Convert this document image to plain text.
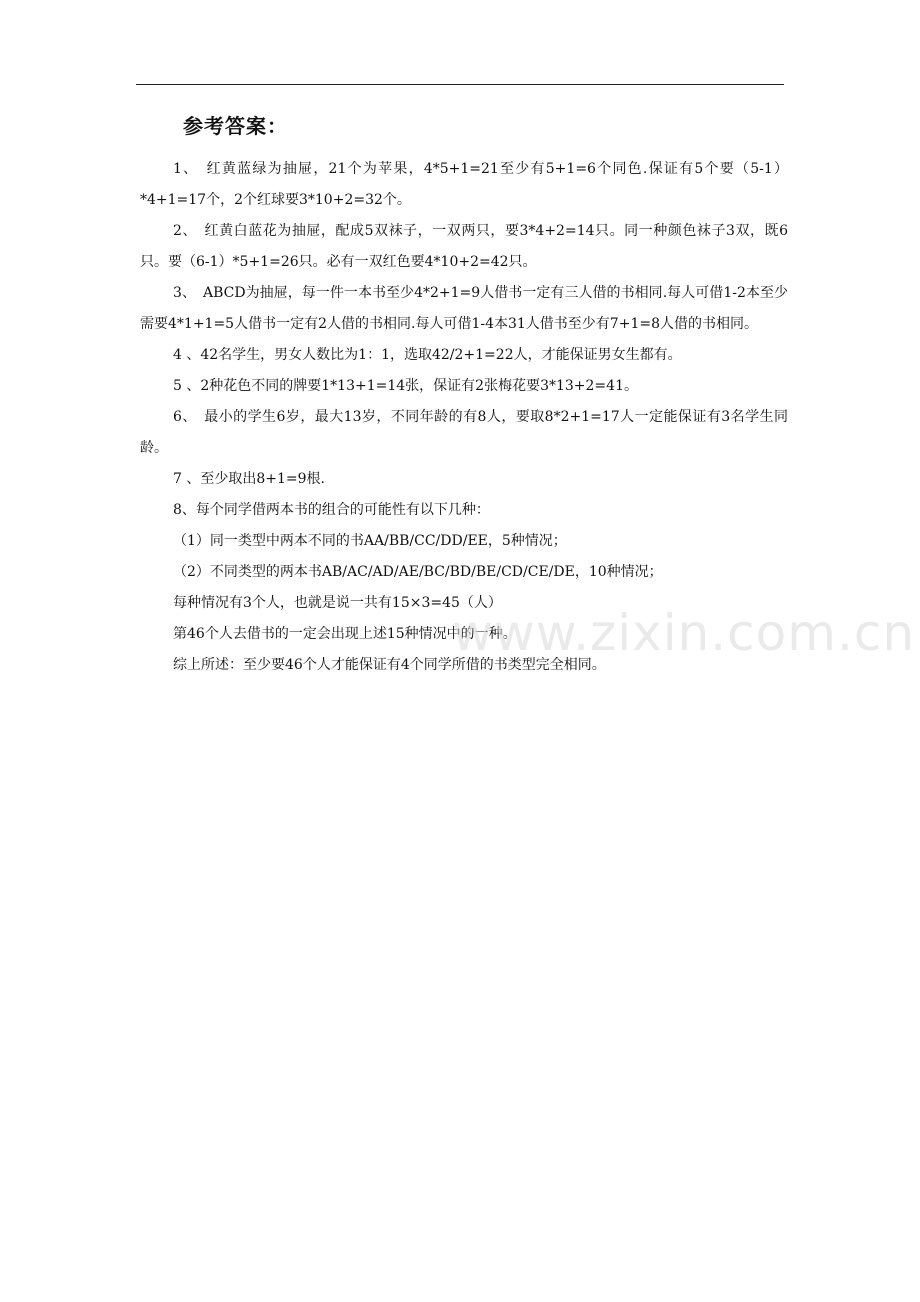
参考答案：

1、　红黄蓝绿为抽屉，21个为苹果，4*5+1=21至少有5+1=6个同色.保证有5个要（5-1）*4+1=17个，2个红球要3*10+2=32个。

2、　红黄白蓝花为抽屉，配成5双袜子，一双两只，要3*4+2=14只。同一种颜色袜子3双，既6只。要（6-1）*5+1=26只。必有一双红色要4*10+2=42只。

3、　ABCD为抽屉，每一件一本书至少4*2+1=9人借书一定有三人借的书相同.每人可借1-2本至少需要4*1+1=5人借书一定有2人借的书相同.每人可借1-4本31人借书至少有7+1=8人借的书相同。

4 、42名学生，男女人数比为1：1，选取42/2+1=22人，才能保证男女生都有。

5 、2种花色不同的牌要1*13+1=14张，保证有2张梅花要3*13+2=41。

6、　最小的学生6岁，最大13岁，不同年龄的有8人，要取8*2+1=17人一定能保证有3名学生同龄。

7 、至少取出8+1=9根.

8、每个同学借两本书的组合的可能性有以下几种：

（1）同一类型中两本不同的书AA/BB/CC/DD/EE，5种情况；

（2）不同类型的两本书AB/AC/AD/AE/BC/BD/BE/CD/CE/DE，10种情况；

每种情况有3个人，也就是说一共有15×3=45（人）

第46个人去借书的一定会出现上述15种情况中的一种。

综上所述：至少要46个人才能保证有4个同学所借的书类型完全相同。

www.zixin.com.cn
